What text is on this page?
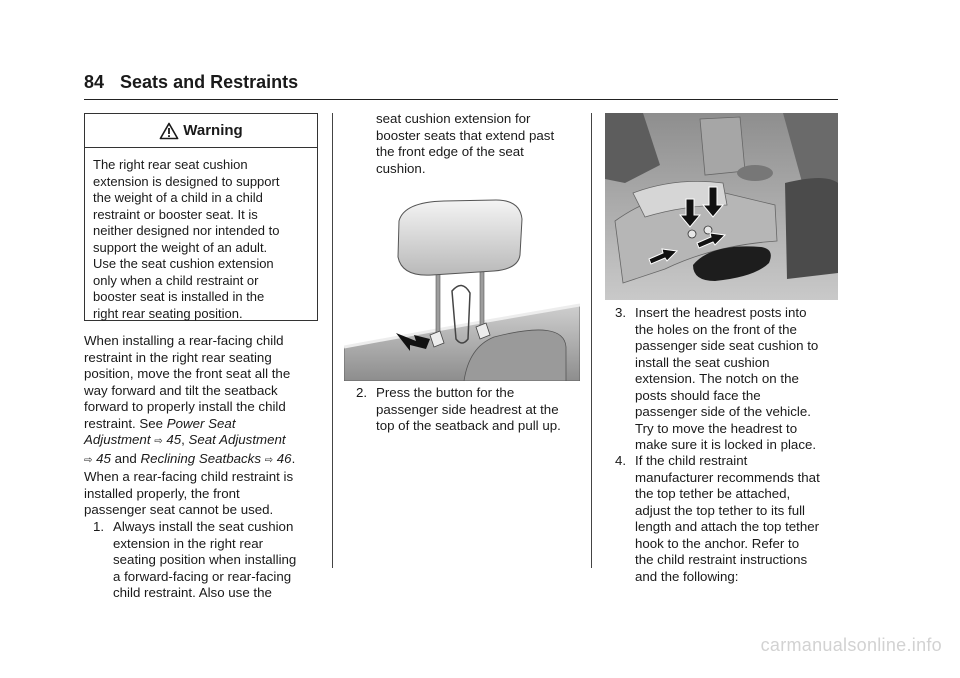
84 Seats and Restraints
Warning
The right rear seat cushion
extension is designed to support
the weight of a child in a child
restraint or booster seat. It is
neither designed nor intended to
support the weight of an adult.
Use the seat cushion extension
only when a child restraint or
booster seat is installed in the
right rear seating position.
When installing a rear-facing child
restraint in the right rear seating
position, move the front seat all the
way forward and tilt the seatback
forward to properly install the child
restraint. See Power Seat
Adjustment ⇨ 45, Seat Adjustment
⇨ 45 and Reclining Seatbacks ⇨ 46.
When a rear-facing child restraint is
installed properly, the front
passenger seat cannot be used.
1. Always install the seat cushion
extension in the right rear
seating position when installing
a forward-facing or rear-facing
child restraint. Also use the
seat cushion extension for
booster seats that extend past
the front edge of the seat
cushion.
2. Press the button for the
passenger side headrest at the
top of the seatback and pull up.
3. Insert the headrest posts into
the holes on the front of the
passenger side seat cushion to
install the seat cushion
extension. The notch on the
posts should face the
passenger side of the vehicle.
Try to move the headrest to
make sure it is locked in place.
4. If the child restraint
manufacturer recommends that
the top tether be attached,
adjust the top tether to its full
length and attach the top tether
hook to the anchor. Refer to
the child restraint instructions
and the following:
carmanualsonline.info
